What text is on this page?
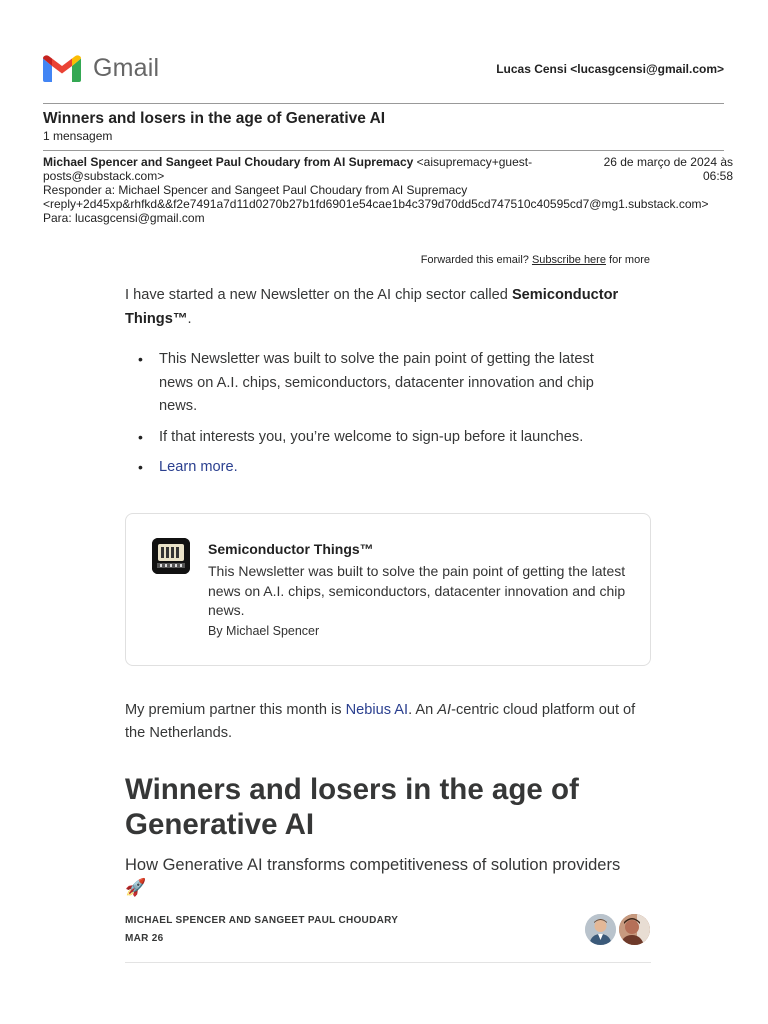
Gmail	Lucas Censi <lucasgcensi@gmail.com>
Winners and losers in the age of Generative AI
1 mensagem
Michael Spencer and Sangeet Paul Choudary from AI Supremacy <aisupremacy+guest-
posts@substack.com>
26 de março de 2024 às
06:58
Responder a: Michael Spencer and Sangeet Paul Choudary from AI Supremacy
<reply+2d45xp&rhfkd&&f2e7491a7d11d0270b27b1fd6901e54cae1b4c379d70dd5cd747510c40595cd7@mg1.substack.com>
Para: lucasgcensi@gmail.com
Forwarded this email? Subscribe here for more

I have started a new Newsletter on the AI chip sector called Semiconductor Things™.

• This Newsletter was built to solve the pain point of getting the latest news on A.I. chips, semiconductors, datacenter innovation and chip news.
• If that interests you, you’re welcome to sign-up before it launches.
• Learn more.
Semiconductor Things™
This Newsletter was built to solve the pain point of getting the latest news on A.I. chips, semiconductors, datacenter innovation and chip news.
By Michael Spencer

My premium partner this month is Nebius AI. An AI-centric cloud platform out of the Netherlands.

Winners and losers in the age of Generative AI
How Generative AI transforms competitiveness of solution providers
🚀
MICHAEL SPENCER AND SANGEET PAUL CHOUDARY
MAR 26
